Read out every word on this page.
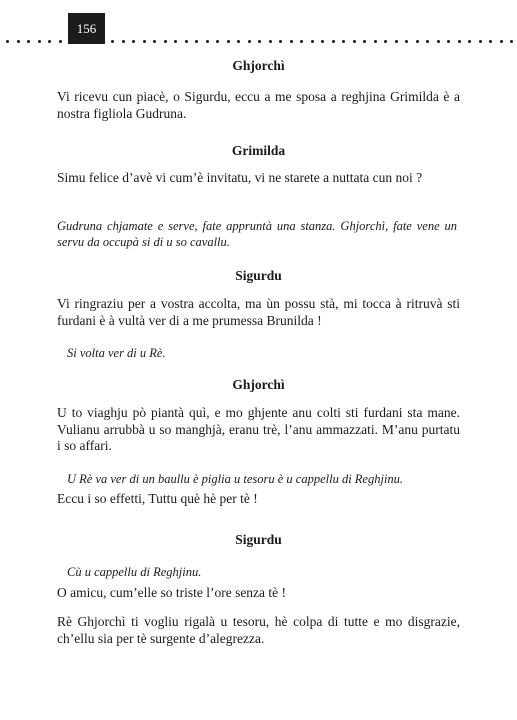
156
Ghjorchì
Vi ricevu cun piacè, o Sigurdu, eccu a me sposa a reghjina Grimilda è a nostra figliola Gudruna.
Grimilda
Simu felice d’avè vi cum’è invitatu, vi ne starete a nuttata cun noi ?
Gudruna chjamate e serve, fate appruntà una stanza. Ghjorchì, fate vene un servu da occupà si di u so cavallu.
Sigurdu
Vi ringraziu per a vostra accolta, ma ùn possu stà, mi tocca à ritruvà sti furdani è à vultà ver di a me prumessa Brunilda !
Si volta ver di u Rè.
Ghjorchì
U to viaghju pò piantà quì, e mo ghjente anu colti sti furdani sta mane. Vulianu arrubbà u so manghjà, eranu trè, l’anu ammazzati. M’anu purtatu i so affari.
U Rè va ver di un baullu è piglia u tesoru è u cappellu di Reghjinu.
Eccu i so effetti, Tuttu què hè per tè !
Sigurdu
Cù u cappellu di Reghjinu.
O amicu, cum’elle so triste l’ore senza tè !
Rè Ghjorchì ti vogliu rigalà u tesoru, hè colpa di tutte e mo disgrazie, ch’ellu sia per tè surgente d’alegrezza.
